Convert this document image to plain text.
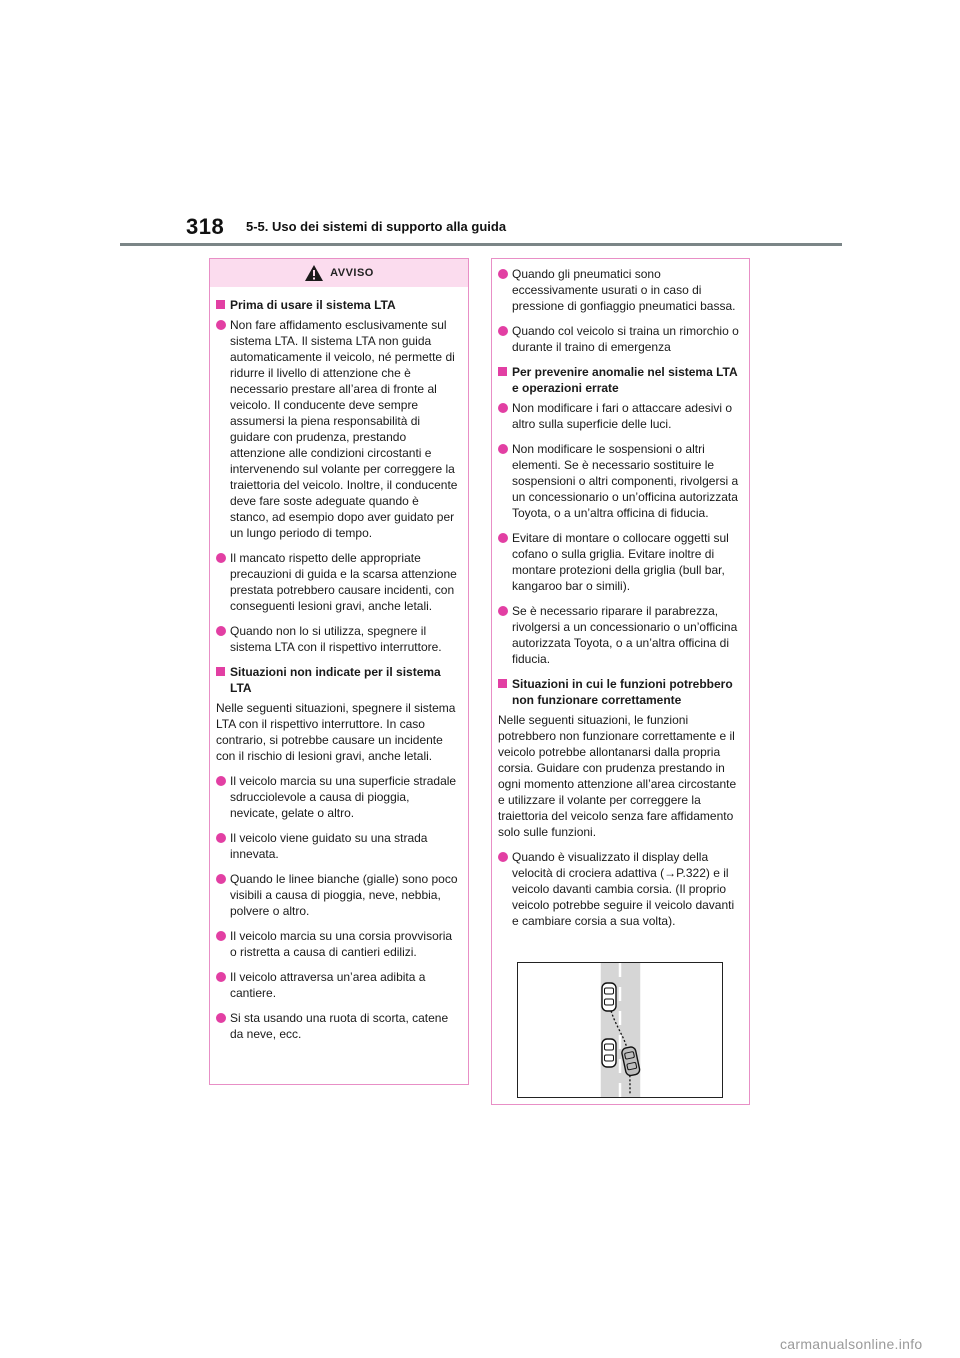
318 5-5. Uso dei sistemi di supporto alla guida
AVVISO
Prima di usare il sistema LTA
Non fare affidamento esclusivamente sul sistema LTA. Il sistema LTA non guida automaticamente il veicolo, né permette di ridurre il livello di attenzione che è necessario prestare all’area di fronte al veicolo. Il conducente deve sempre assumersi la piena responsabilità di guidare con prudenza, prestando attenzione alle condizioni circostanti e intervenendo sul volante per correggere la traiettoria del veicolo. Inoltre, il conducente deve fare soste adeguate quando è stanco, ad esempio dopo aver guidato per un lungo periodo di tempo.
Il mancato rispetto delle appropriate precauzioni di guida e la scarsa attenzione prestata potrebbero causare incidenti, con conseguenti lesioni gravi, anche letali.
Quando non lo si utilizza, spegnere il sistema LTA con il rispettivo interruttore.
Situazioni non indicate per il sistema LTA
Nelle seguenti situazioni, spegnere il sistema LTA con il rispettivo interruttore. In caso contrario, si potrebbe causare un incidente con il rischio di lesioni gravi, anche letali.
Il veicolo marcia su una superficie stradale sdrucciolevole a causa di pioggia, nevicate, gelate o altro.
Il veicolo viene guidato su una strada innevata.
Quando le linee bianche (gialle) sono poco visibili a causa di pioggia, neve, nebbia, polvere o altro.
Il veicolo marcia su una corsia provvisoria o ristretta a causa di cantieri edilizi.
Il veicolo attraversa un’area adibita a cantiere.
Si sta usando una ruota di scorta, catene da neve, ecc.
Quando gli pneumatici sono eccessivamente usurati o in caso di pressione di gonfiaggio pneumatici bassa.
Quando col veicolo si traina un rimorchio o durante il traino di emergenza
Per prevenire anomalie nel sistema LTA e operazioni errate
Non modificare i fari o attaccare adesivi o altro sulla superficie delle luci.
Non modificare le sospensioni o altri elementi. Se è necessario sostituire le sospensioni o altri componenti, rivolgersi a un concessionario o un’officina autorizzata Toyota, o a un’altra officina di fiducia.
Evitare di montare o collocare oggetti sul cofano o sulla griglia. Evitare inoltre di montare protezioni della griglia (bull bar, kangaroo bar o simili).
Se è necessario riparare il parabrezza, rivolgersi a un concessionario o un’officina autorizzata Toyota, o a un’altra officina di fiducia.
Situazioni in cui le funzioni potrebbero non funzionare correttamente
Nelle seguenti situazioni, le funzioni potrebbero non funzionare correttamente e il veicolo potrebbe allontanarsi dalla propria corsia. Guidare con prudenza prestando in ogni momento attenzione all’area circostante e utilizzare il volante per correggere la traiettoria del veicolo senza fare affidamento solo sulle funzioni.
Quando è visualizzato il display della velocità di crociera adattiva (→P.322) e il veicolo davanti cambia corsia. (Il proprio veicolo potrebbe seguire il veicolo davanti e cambiare corsia a sua volta).
carmanualsonline.info
